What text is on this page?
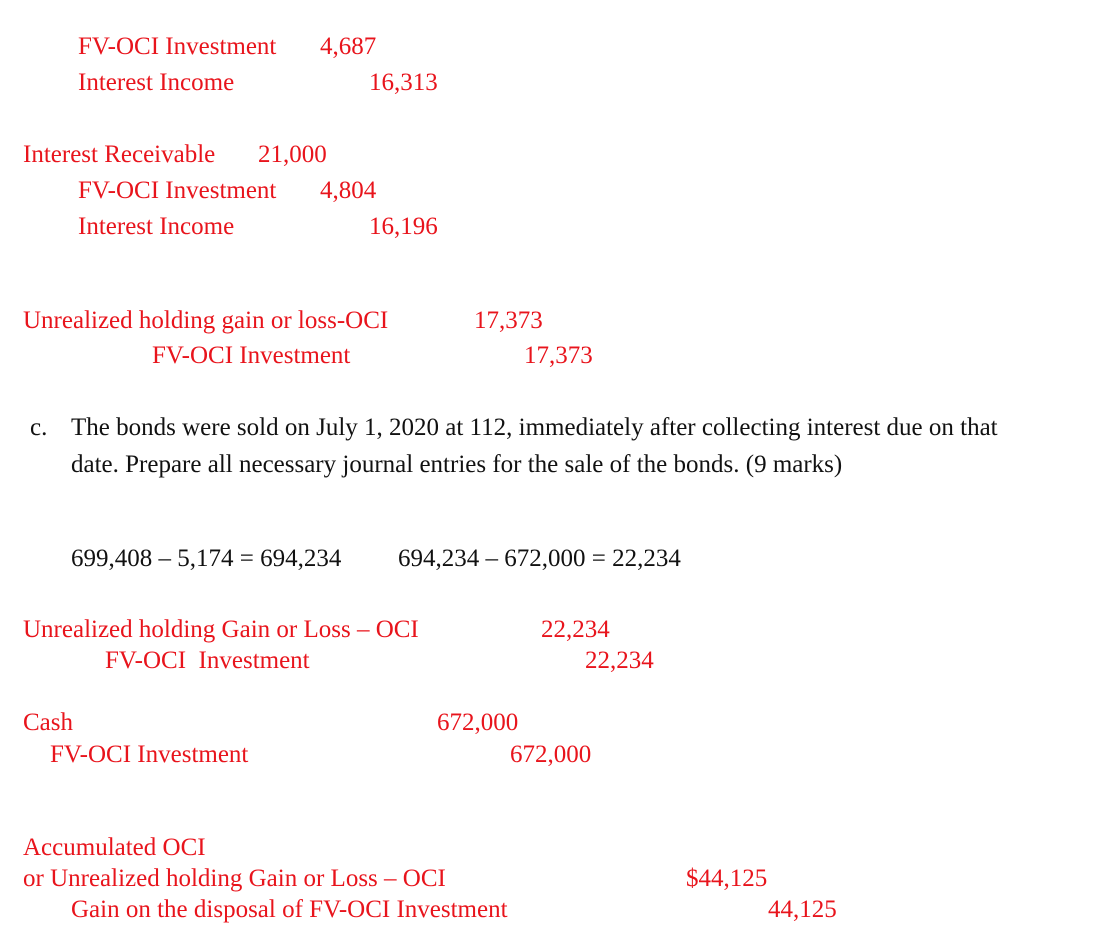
FV-OCI Investment 4,687
Interest Income	16,313
Interest Receivable 21,000
FV-OCI Investment 4,804
Interest Income	16,196
Unrealized holding gain or loss-OCI	17,373
FV-OCI Investment	17,373
c. The bonds were sold on July 1, 2020 at 112, immediately after collecting interest due on that
date. Prepare all necessary journal entries for the sale of the bonds. (9 marks)
699,408 – 5,174 = 694,234 694,234 – 672,000 = 22,234
Unrealized holding Gain or Loss – OCI	22,234
FV-OCI  Investment	22,234
Cash	672,000
FV-OCI Investment	672,000
Accumulated OCI
or Unrealized holding Gain or Loss – OCI	$44,125
Gain on the disposal of FV-OCI Investment	44,125
